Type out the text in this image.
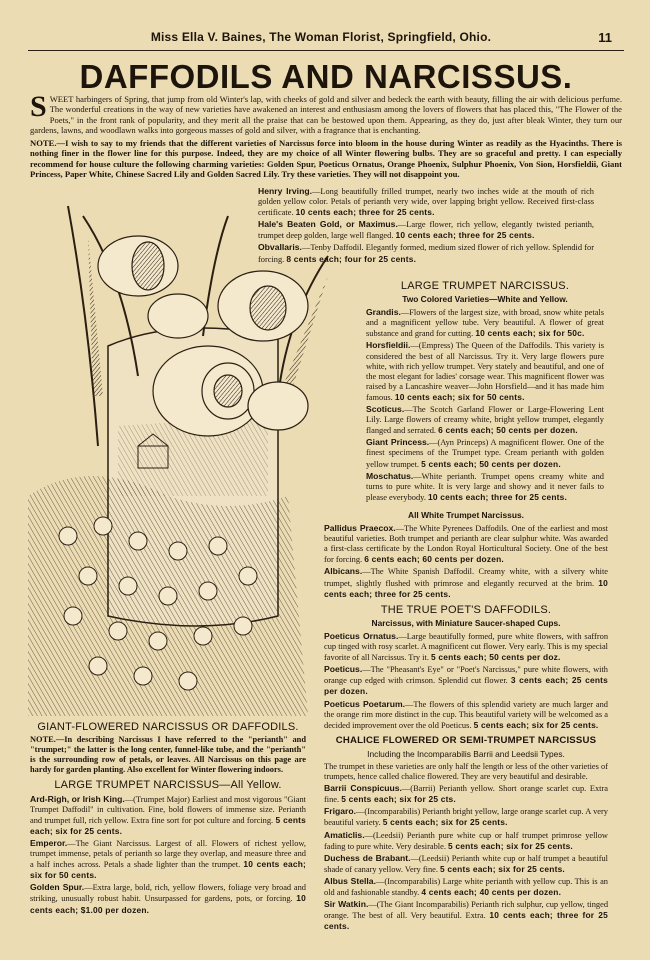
Miss Ella V. Baines, The Woman Florist, Springfield, Ohio.	11
DAFFODILS AND NARCISSUS.
S WEET harbingers of Spring, that jump from old Winter's lap, with cheeks of gold and silver and bedeck the earth with beauty, filling the air with delicious perfume. The wonderful creations in the way of new varieties have awakened an interest and enthusiasm among the lovers of flowers that has placed this, "The Flower of the Poets," in the front rank of popularity, and they merit all the praise that can be bestowed upon them. Appearing, as they do, just after bleak Winter, they turn our gardens, lawns, and woodlawn walks into gorgeous masses of gold and silver, with a fragrance that is enchanting.
NOTE.—I wish to say to my friends that the different varieties of Narcissus force into bloom in the house during Winter as readily as the Hyacinths. There is nothing finer in the flower line for this purpose. Indeed, they are my choice of all Winter flowering bulbs. They are so graceful and pretty. I can especially recommend for house culture the following charming varieties: Golden Spur, Poeticus Ornatus, Orange Phoenix, Sulphur Phoenix, Von Sion, Horsfieldii, Giant Princess, Paper White, Chinese Sacred Lily and Golden Sacred Lily. Try these varieties. They will not disappoint you.

Henry Irving.—Long beautifully frilled trumpet, nearly two inches wide at the mouth of rich golden yellow color. Petals of perianth very wide, over lapping bright yellow. Received first-class certificate. 10 cents each; three for 25 cents.

Hale's Beaten Gold, or Maximus.—Large flower, rich yellow, elegantly twisted perianth, trumpet deep golden, large well flanged. 10 cents each; three for 25 cents.

Obvallaris.—Tenby Daffodil. Elegantly formed, medium sized flower of rich yellow. Splendid for forcing. 8 cents each; four for 25 cents.

LARGE TRUMPET NARCISSUS.
Two Colored Varieties—White and Yellow.

Grandis.—Flowers of the largest size, with broad, snow white petals and a magnificent yellow tube. Very beautiful. A flower of great substance and grand for cutting. 10 cents each; six for 50c.

Horsfieldii.—(Empress) The Queen of the Daffodils. This variety is considered the best of all Narcissus. Try it. Very large flowers pure white, with rich yellow trumpet. Very stately and beautiful, and one of the most elegant for ladies' corsage wear. This magnificent flower was raised by a Lancashire weaver—John Horsfield—and it has made him famous. 10 cents each; six for 50 cents.

Scoticus.—The Scotch Garland Flower or Large-Flowering Lent Lily. Large flowers of creamy white, bright yellow trumpet, elegantly flanged and serrated. 6 cents each; 50 cents per dozen.

Giant Princess.—(Ayn Princeps) A magnificent flower. One of the finest specimens of the Trumpet type. Cream perianth with golden yellow trumpet. 5 cents each; 50 cents per dozen.

Moschatus.—White perianth. Trumpet opens creamy white and turns to pure white. It is very large and showy and it never fails to please everybody. 10 cents each; three for 25 cents.

All White Trumpet Narcissus.

Pallidus Praecox.—The White Pyrenees Daffodils. One of the earliest and most beautiful varieties. Both trumpet and perianth are clear sulphur white. Was awarded a first-class certificate by the London Royal Horticultural Society. One of the best for forcing. 6 cents each; 60 cents per dozen.

Albicans.—The White Spanish Daffodil. Creamy white, with a silvery white trumpet, slightly flushed with primrose and elegantly recurved at the brim. 10 cents each; three for 25 cents.

THE TRUE POET'S DAFFODILS.
Narcissus, with Miniature Saucer-shaped Cups.

Poeticus Ornatus.—Large beautifully formed, pure white flowers, with saffron cup tinged with rosy scarlet. A magnificent cut flower. Very early. This is my special favorite of all Narcissus. Try it. 5 cents each; 50 cents per doz.

Poeticus.—The "Pheasant's Eye" or "Poet's Narcissus," pure white flowers, with orange cup edged with crimson. Splendid cut flower. 3 cents each; 25 cents per dozen.

Poeticus Poetarum.—The flowers of this splendid variety are much larger and the orange rim more distinct in the cup. This beautiful variety will be welcomed as a decided improvement over the old Poeticus. 5 cents each; six for 25 cents.

CHALICE FLOWERED OR SEMI-TRUMPET NARCISSUS
Including the Incomparabilis Barrii and Leedsii Types.

The trumpet in these varieties are only half the length or less of the other varieties of trumpets, hence called chalice flowered. They are very beautiful and desirable.

Barrii Conspicuus.—(Barrii) Perianth yellow. Short orange scarlet cup. Extra fine. 5 cents each; six for 25 cts.

Frigaro.—(Incomparabilis) Perianth bright yellow, large orange scarlet cup. A very beautiful variety. 5 cents each; six for 25 cents.

Amaticlis.—(Leedsii) Perianth pure white cup or half trumpet primrose yellow fading to pure white. Very desirable. 5 cents each; six for 25 cents.

Duchess de Brabant.—(Leedsii) Perianth white cup or half trumpet a beautiful shade of canary yellow. Very fine. 5 cents each; six for 25 cents.

Albus Stella.—(Incomparabilis) Large white perianth with yellow cup. This is an old and fashionable standby. 4 cents each; 40 cents per dozen.

Sir Watkin.—(The Giant Incomparabilis) Perianth rich sulphur, cup yellow, tinged orange. The best of all. Very beautiful. Extra. 10 cents each; three for 25 cents.

GIANT-FLOWERED NARCISSUS OR DAFFODILS.

NOTE.—In describing Narcissus I have referred to the "perianth" and "trumpet;" the latter is the long center, funnel-like tube, and the "perianth" is the surrounding row of petals, or leaves. All Narcissus on this page are hardy for garden planting. Also excellent for Winter flowering indoors.

LARGE TRUMPET NARCISSUS—All Yellow.

Ard-Righ, or Irish King.—(Trumpet Major) Earliest and most vigorous "Giant Trumpet Daffodil" in cultivation. Fine, bold flowers of immense size. Perianth and trumpet full, rich yellow. Extra fine sort for pot culture and forcing. 5 cents each; six for 25 cents.

Emperor.—The Giant Narcissus. Largest of all. Flowers of richest yellow, trumpet immense, petals of perianth so large they overlap, and measure three and a half inches across. Petals a shade lighter than the trumpet. 10 cents each; six for 50 cents.

Golden Spur.—Extra large, bold, rich, yellow flowers, foliage very broad and striking, unusually robust habit. Unsurpassed for gardens, pots, or forcing. 10 cents each; $1.00 per dozen.
